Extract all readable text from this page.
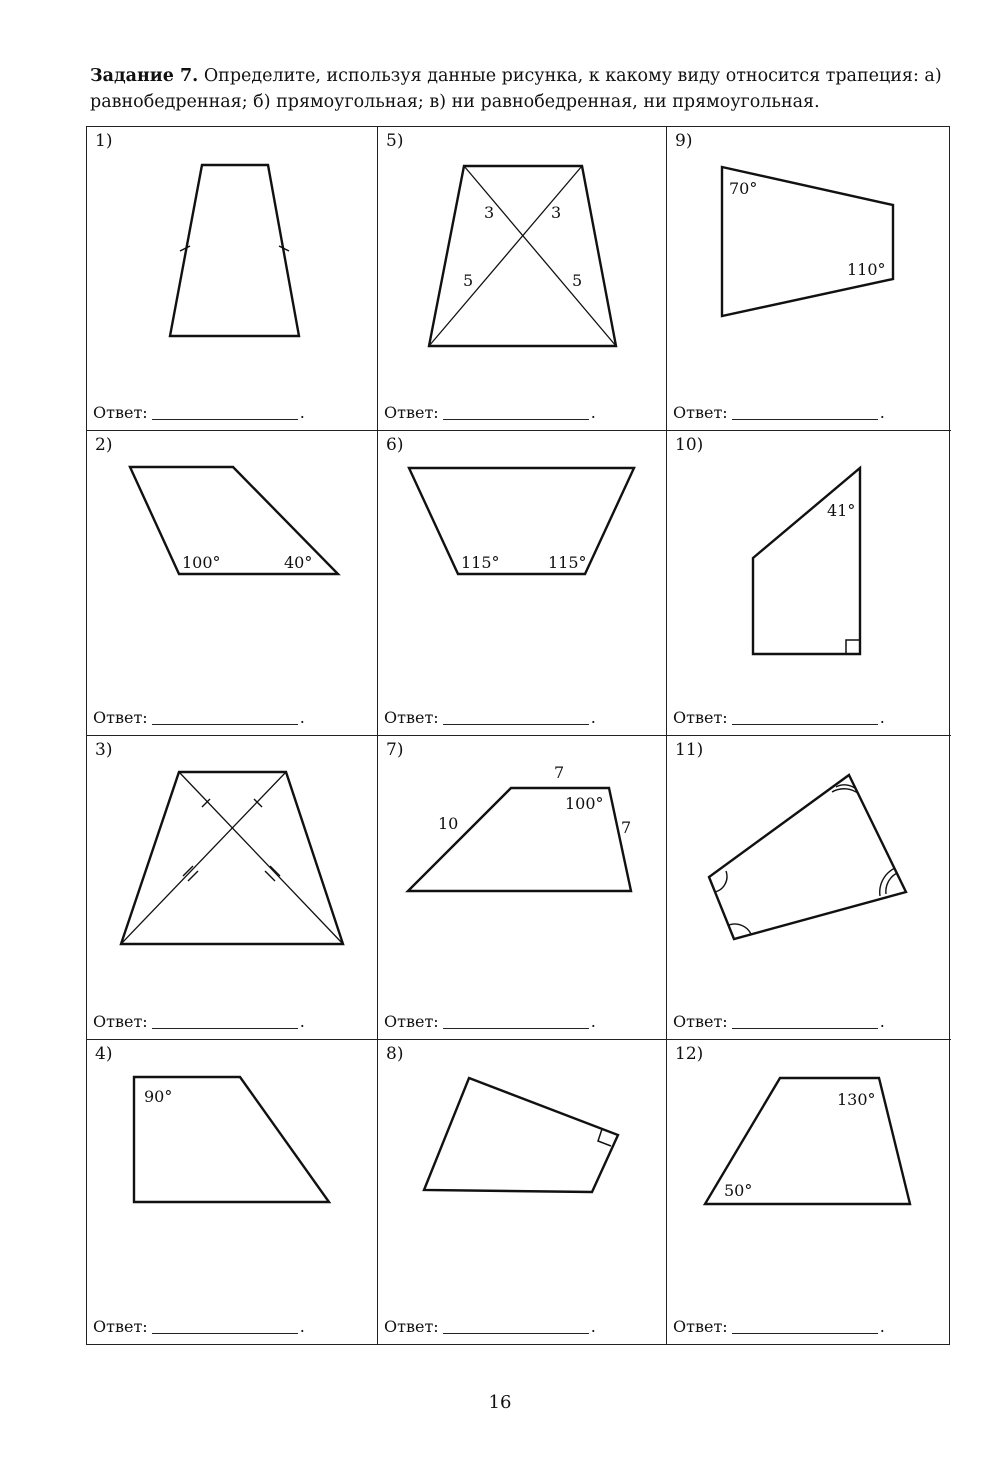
Задание 7. Определите, используя данные рисунка, к какому виду относится трапеция: а) равнобедренная; б) прямоугольная; в) ни равнобедренная, ни прямоугольная.

1)
Ответ:	.
5)
3	3
5	5
Ответ:	.
9)
70°
110°
Ответ:	.
2)
100°	40°
Ответ:	.
6)
115°	115°
Ответ:	.
10)
41°
Ответ:	.
3)
Ответ:	.
7)
7
100°
10	7
Ответ:	.
11)
Ответ:	.
4)
90°
Ответ:	.
8)
Ответ:	.
12)
130°
50°
Ответ:	.
16
